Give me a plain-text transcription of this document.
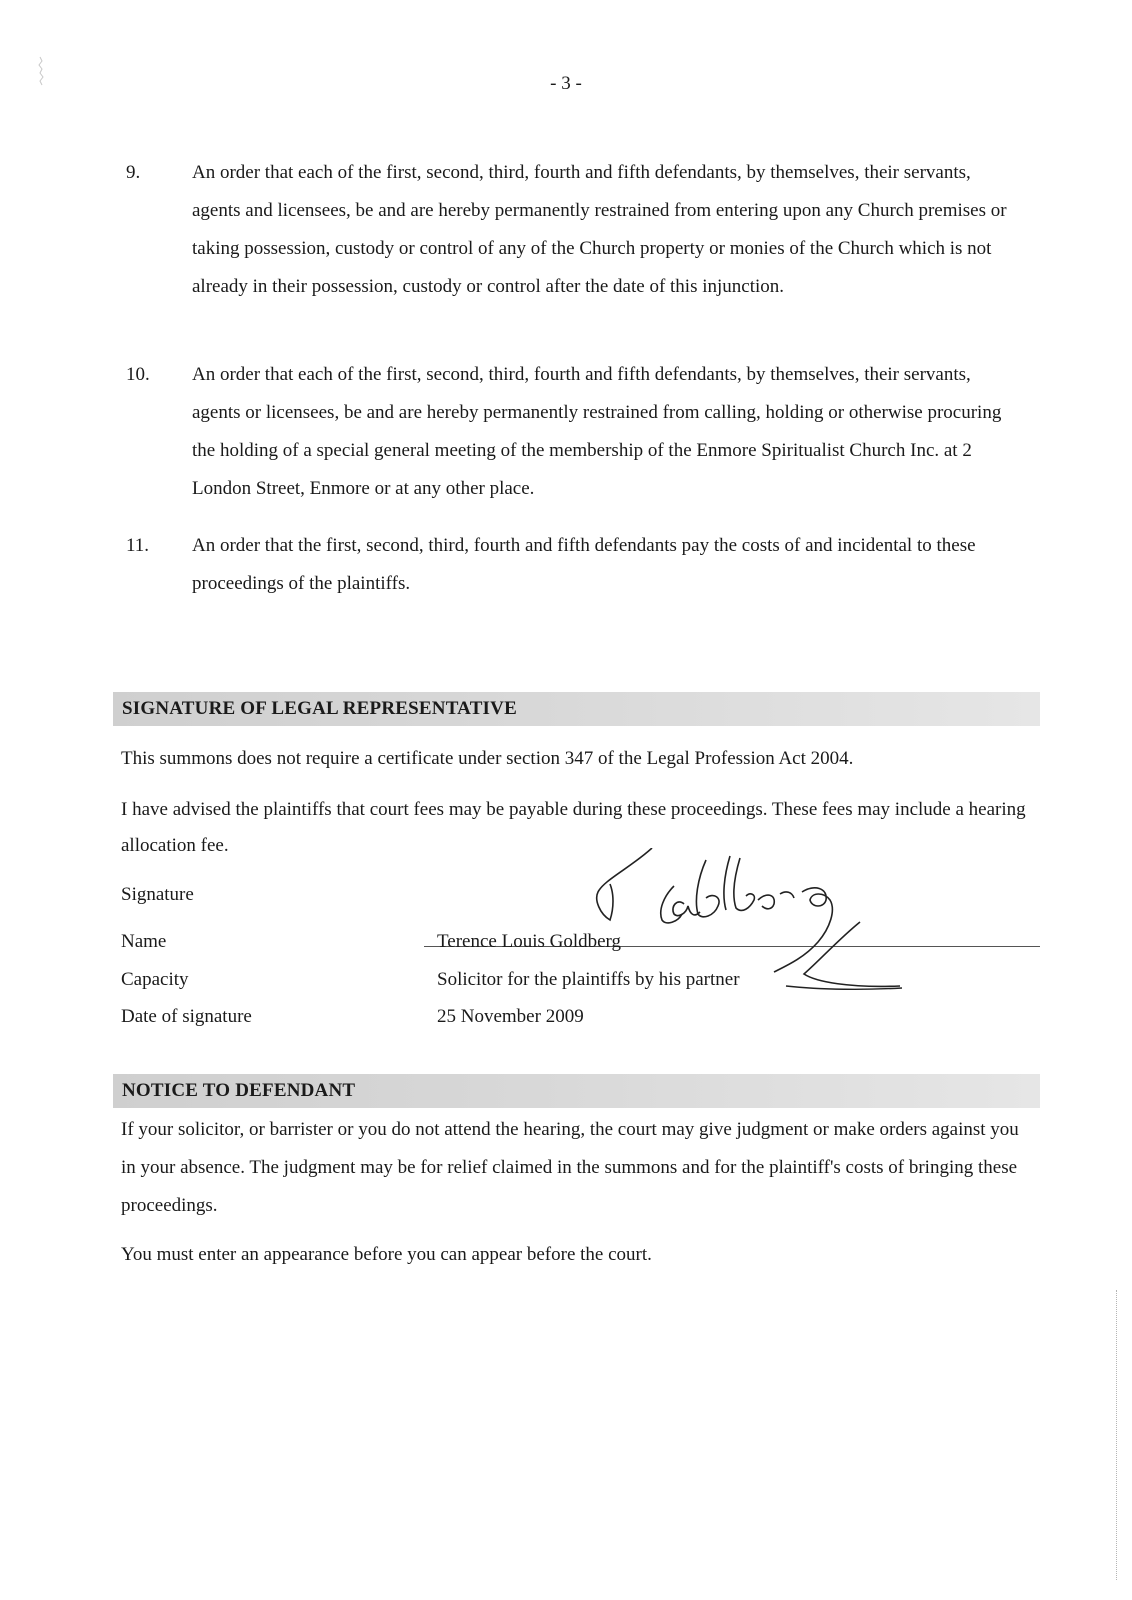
- 3 -
9.	An order that each of the first, second, third, fourth and fifth defendants, by themselves, their servants, agents and licensees, be and are hereby permanently restrained from entering upon any Church premises or taking possession, custody or control of any of the Church property or monies of the Church which is not already in their possession, custody or control after the date of this injunction.
10. An order that each of the first, second, third, fourth and fifth defendants, by themselves, their servants, agents or licensees, be and are hereby permanently restrained from calling, holding or otherwise procuring the holding of a special general meeting of the membership of the Enmore Spiritualist Church Inc. at 2 London Street, Enmore or at any other place.
11. An order that the first, second, third, fourth and fifth defendants pay the costs of and incidental to these proceedings of the plaintiffs.
SIGNATURE OF LEGAL REPRESENTATIVE
This summons does not require a certificate under section 347 of the Legal Profession Act 2004.
I have advised the plaintiffs that court fees may be payable during these proceedings. These fees may include a hearing allocation fee.
Signature
Name	Terence Louis Goldberg
Capacity	Solicitor for the plaintiffs by his partner
Date of signature	25 November 2009
NOTICE TO DEFENDANT
If your solicitor, or barrister or you do not attend the hearing, the court may give judgment or make orders against you in your absence. The judgment may be for relief claimed in the summons and for the plaintiff's costs of bringing these proceedings.
You must enter an appearance before you can appear before the court.
